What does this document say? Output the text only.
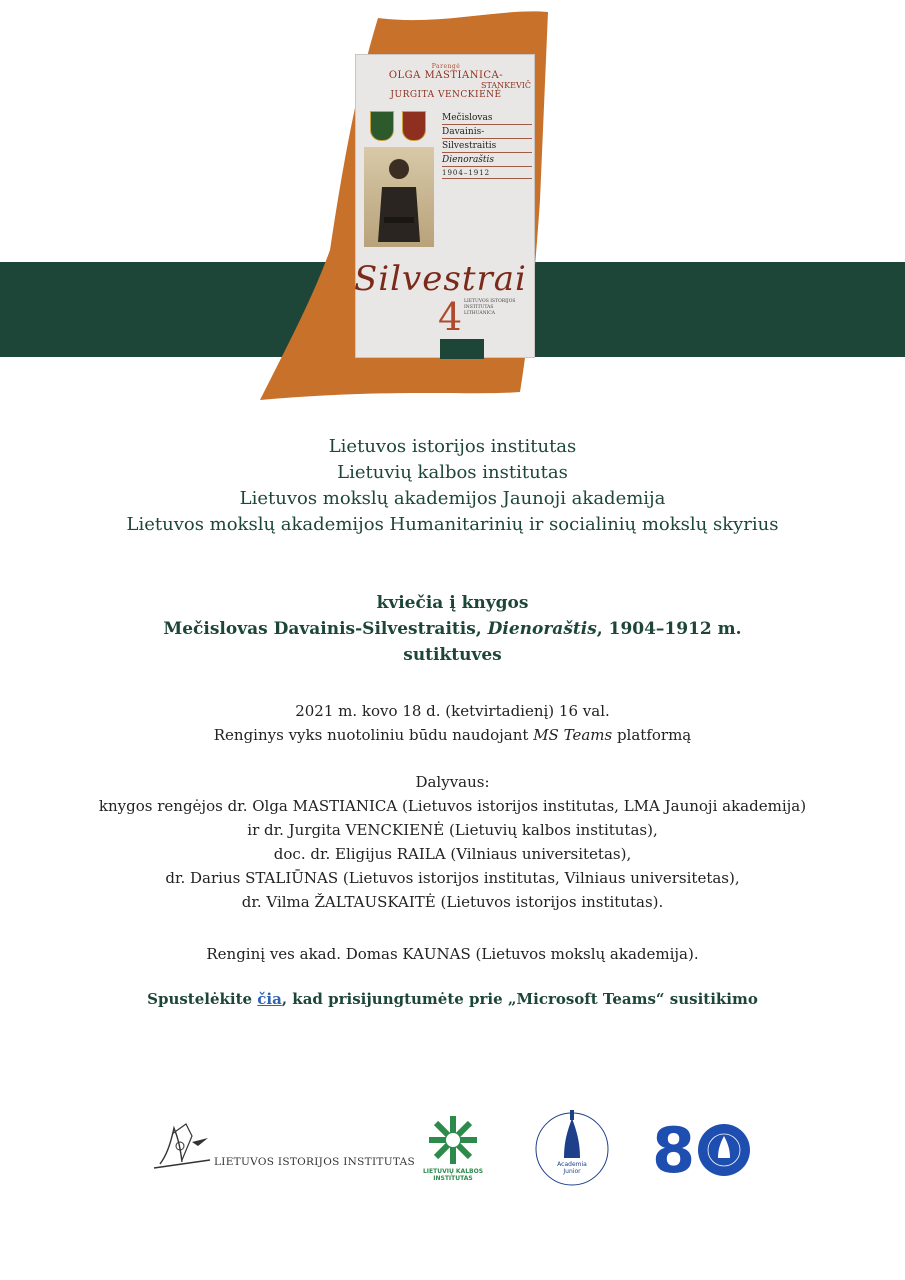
Parengė
OLGA MASTIANICA-
STANKEVIČ
JURGITA VENCKIENĖ
Mečislovas
Davainis-
Silvestraitis
Dienoraštis
1904–1912
Silvestrai
4 LIETUVOS ISTORIJOS INSTITUTAS LITHUANICA
Lietuvos istorijos institutas
Lietuvių kalbos institutas
Lietuvos mokslų akademijos Jaunoji akademija
Lietuvos mokslų akademijos Humanitarinių ir socialinių mokslų skyrius
kviečia į knygos
Mečislovas Davainis-Silvestraitis, Dienoraštis, 1904–1912 m.
sutiktuves
2021 m. kovo 18 d. (ketvirtadienį) 16 val.
Renginys vyks nuotoliniu būdu naudojant MS Teams platformą
Dalyvaus:
knygos rengėjos dr. Olga MASTIANICA (Lietuvos istorijos institutas, LMA Jaunoji akademija)
ir dr. Jurgita VENCKIENĖ (Lietuvių kalbos institutas),
doc. dr. Eligijus RAILA (Vilniaus universitetas),
dr. Darius STALIŪNAS (Lietuvos istorijos institutas, Vilniaus universitetas),
dr. Vilma ŽALTAUSKAITĖ (Lietuvos istorijos institutas).
Renginį ves akad. Domas KAUNAS (Lietuvos mokslų akademija).
Spustelėkite čia, kad prisijungtumėte prie „Microsoft Teams“ susitikimo
LIETUVOS ISTORIJOS INSTITUTAS
LIETUVIŲ KALBOS INSTITUTAS
Academia
Junior 8
